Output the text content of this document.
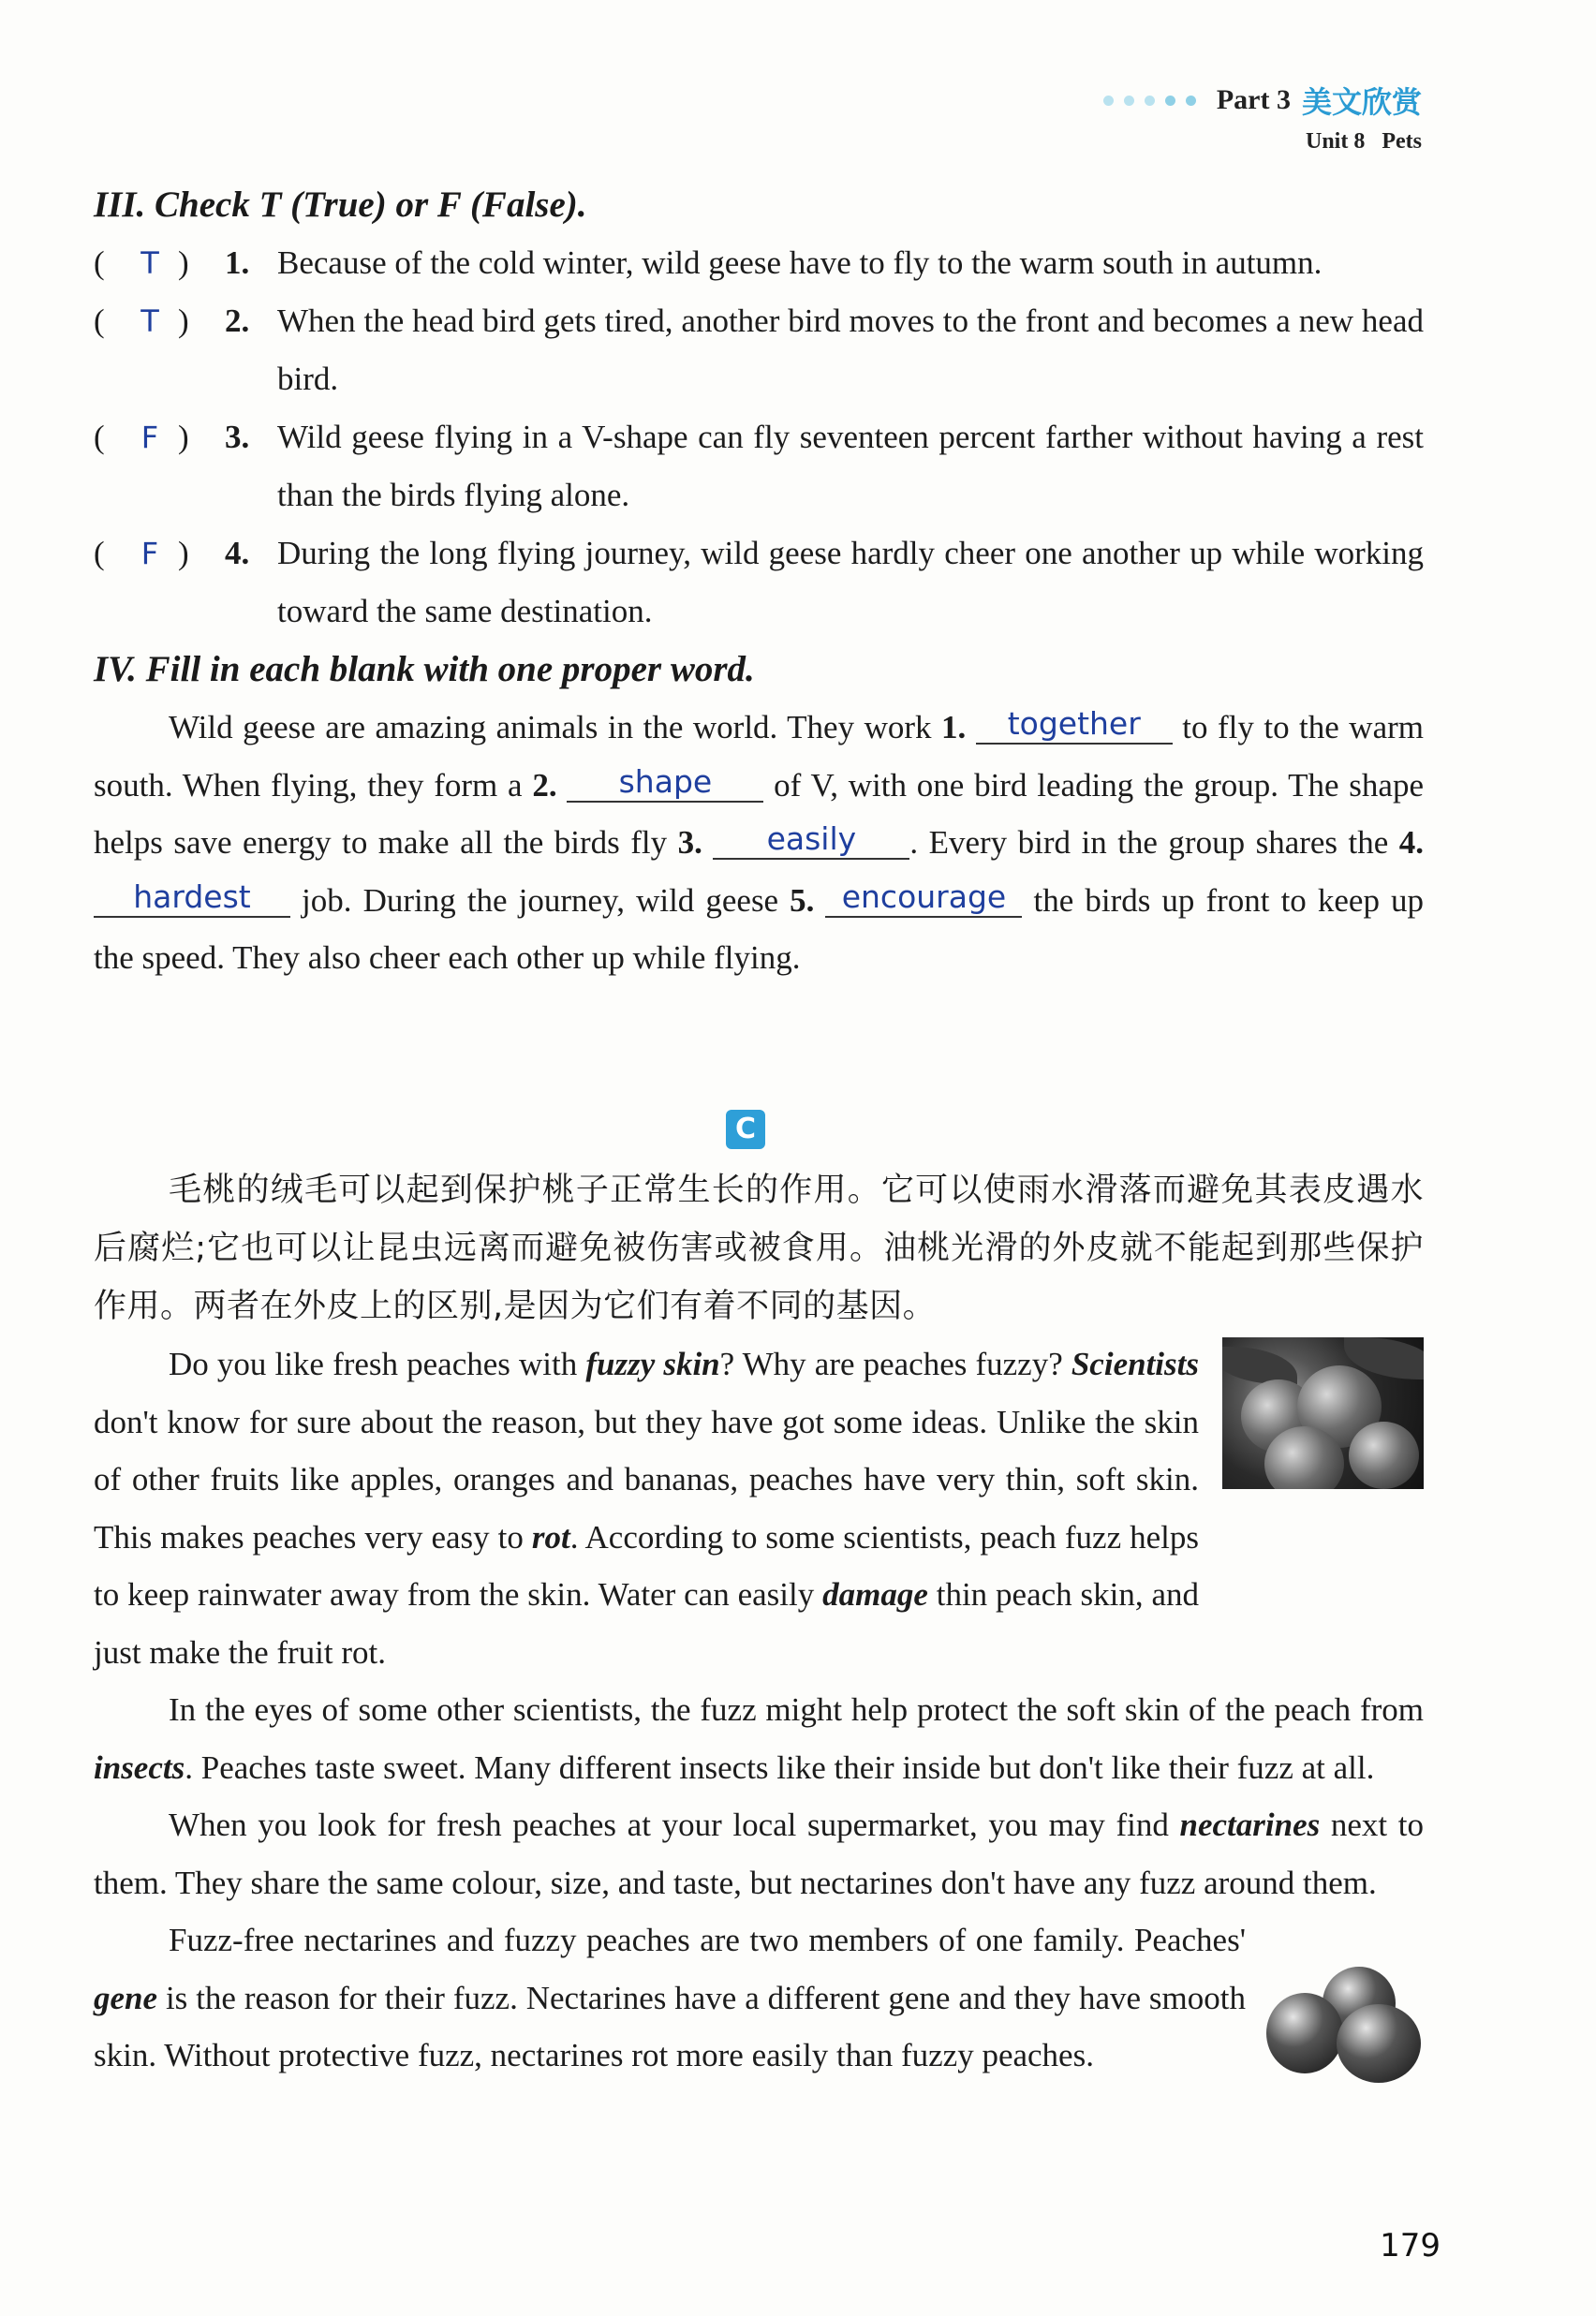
Part 3 美文欣赏
Unit 8 Pets
III. Check T (True) or F (False).
(	T )	1. Because of the cold winter, wild geese have to fly to the warm south in autumn.
(	T )	2. When the head bird gets tired, another bird moves to the front and becomes a new head bird.
(	F )	3. Wild geese flying in a V-shape can fly seventeen percent farther without having a rest than the birds flying alone.
(	F )	4. During the long flying journey, wild geese hardly cheer one another up while working toward the same destination.
IV. Fill in each blank with one proper word.

Wild geese are amazing animals in the world. They work 1. together to fly to the warm south. When flying, they form a 2. shape of V, with one bird leading the group. The shape helps save energy to make all the birds fly 3. easily . Every bird in the group shares the 4. hardest job. During the journey, wild geese 5. encourage the birds up front to keep up the speed. They also cheer each other up while flying.

C

毛桃的绒毛可以起到保护桃子正常生长的作用。它可以使雨水滑落而避免其表皮遇水后腐烂;它也可以让昆虫远离而避免被伤害或被食用。油桃光滑的外皮就不能起到那些保护作用。两者在外皮上的区别,是因为它们有着不同的基因。

Do you like fresh peaches with fuzzy skin? Why are peaches fuzzy? Scientists don't know for sure about the reason, but they have got some ideas. Unlike the skin of other fruits like apples, oranges and bananas, peaches have very thin, soft skin. This makes peaches very easy to rot. According to some scientists, peach fuzz helps to keep rainwater away from the skin. Water can easily damage thin peach skin, and just make the fruit rot.

In the eyes of some other scientists, the fuzz might help protect the soft skin of the peach from insects. Peaches taste sweet. Many different insects like their inside but don't like their fuzz at all.

When you look for fresh peaches at your local supermarket, you may find nectarines next to them. They share the same colour, size, and taste, but nectarines don't have any fuzz around them.

Fuzz-free nectarines and fuzzy peaches are two members of one family. Peaches' gene is the reason for their fuzz. Nectarines have a different gene and they have smooth skin. Without protective fuzz, nectarines rot more easily than fuzzy peaches.

179
